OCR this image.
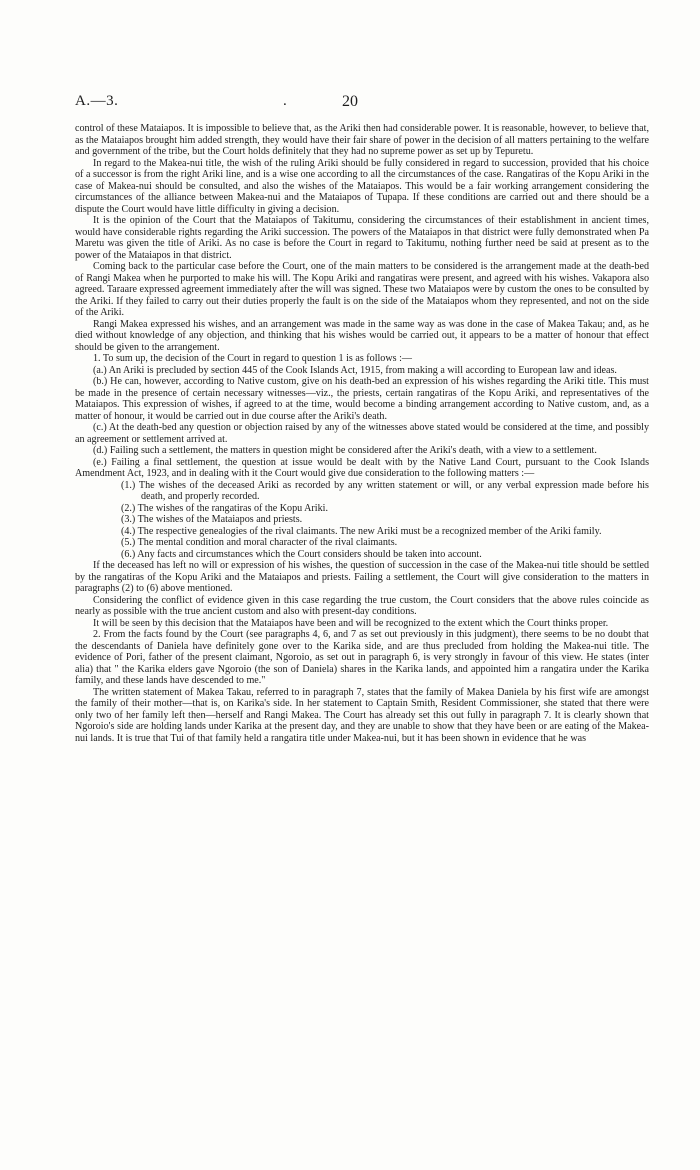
A.—3.	.	20

control of these Mataiapos. It is impossible to believe that, as the Ariki then had considerable power. It is reasonable, however, to believe that, as the Mataiapos brought him added strength, they would have their fair share of power in the decision of all matters pertaining to the welfare and government of the tribe, but the Court holds definitely that they had no supreme power as set up by Tepuretu.

In regard to the Makea-nui title, the wish of the ruling Ariki should be fully considered in regard to succession, provided that his choice of a successor is from the right Ariki line, and is a wise one according to all the circumstances of the case. Rangatiras of the Kopu Ariki in the case of Makea-nui should be consulted, and also the wishes of the Mataiapos. This would be a fair working arrangement considering the circumstances of the alliance between Makea-nui and the Mataiapos of Tupapa. If these conditions are carried out and there should be a dispute the Court would have little difficulty in giving a decision.

It is the opinion of the Court that the Mataiapos of Takitumu, considering the circumstances of their establishment in ancient times, would have considerable rights regarding the Ariki succession. The powers of the Mataiapos in that district were fully demonstrated when Pa Maretu was given the title of Ariki. As no case is before the Court in regard to Takitumu, nothing further need be said at present as to the power of the Mataiapos in that district.

Coming back to the particular case before the Court, one of the main matters to be considered is the arrangement made at the death-bed of Rangi Makea when he purported to make his will. The Kopu Ariki and rangatiras were present, and agreed with his wishes. Vakapora also agreed. Taraare expressed agreement immediately after the will was signed. These two Mataiapos were by custom the ones to be consulted by the Ariki. If they failed to carry out their duties properly the fault is on the side of the Mataiapos whom they represented, and not on the side of the Ariki.

Rangi Makea expressed his wishes, and an arrangement was made in the same way as was done in the case of Makea Takau; and, as he died without knowledge of any objection, and thinking that his wishes would be carried out, it appears to be a matter of honour that effect should be given to the arrangement.

1. To sum up, the decision of the Court in regard to question 1 is as follows :—

(a.) An Ariki is precluded by section 445 of the Cook Islands Act, 1915, from making a will according to European law and ideas.

(b.) He can, however, according to Native custom, give on his death-bed an expression of his wishes regarding the Ariki title. This must be made in the presence of certain necessary witnesses—viz., the priests, certain rangatiras of the Kopu Ariki, and representatives of the Mataiapos. This expression of wishes, if agreed to at the time, would become a binding arrangement according to Native custom, and, as a matter of honour, it would be carried out in due course after the Ariki's death.

(c.) At the death-bed any question or objection raised by any of the witnesses above stated would be considered at the time, and possibly an agreement or settlement arrived at.

(d.) Failing such a settlement, the matters in question might be considered after the Ariki's death, with a view to a settlement.

(e.) Failing a final settlement, the question at issue would be dealt with by the Native Land Court, pursuant to the Cook Islands Amendment Act, 1923, and in dealing with it the Court would give due consideration to the following matters :—

(1.) The wishes of the deceased Ariki as recorded by any written statement or will, or any verbal expression made before his death, and properly recorded.

(2.) The wishes of the rangatiras of the Kopu Ariki.

(3.) The wishes of the Mataiapos and priests.

(4.) The respective genealogies of the rival claimants. The new Ariki must be a recognized member of the Ariki family.

(5.) The mental condition and moral character of the rival claimants.

(6.) Any facts and circumstances which the Court considers should be taken into account.

If the deceased has left no will or expression of his wishes, the question of succession in the case of the Makea-nui title should be settled by the rangatiras of the Kopu Ariki and the Mataiapos and priests. Failing a settlement, the Court will give consideration to the matters in paragraphs (2) to (6) above mentioned.

Considering the conflict of evidence given in this case regarding the true custom, the Court considers that the above rules coincide as nearly as possible with the true ancient custom and also with present-day conditions.

It will be seen by this decision that the Mataiapos have been and will be recognized to the extent which the Court thinks proper.

2. From the facts found by the Court (see paragraphs 4, 6, and 7 as set out previously in this judgment), there seems to be no doubt that the descendants of Daniela have definitely gone over to the Karika side, and are thus precluded from holding the Makea-nui title. The evidence of Pori, father of the present claimant, Ngoroio, as set out in paragraph 6, is very strongly in favour of this view. He states (inter alia) that " the Karika elders gave Ngoroio (the son of Daniela) shares in the Karika lands, and appointed him a rangatira under the Karika family, and these lands have descended to me."

The written statement of Makea Takau, referred to in paragraph 7, states that the family of Makea Daniela by his first wife are amongst the family of their mother—that is, on Karika's side. In her statement to Captain Smith, Resident Commissioner, she stated that there were only two of her family left then—herself and Rangi Makea. The Court has already set this out fully in paragraph 7. It is clearly shown that Ngoroio's side are holding lands under Karika at the present day, and they are unable to show that they have been or are eating of the Makea-nui lands. It is true that Tui of that family held a rangatira title under Makea-nui, but it has been shown in evidence that he was
